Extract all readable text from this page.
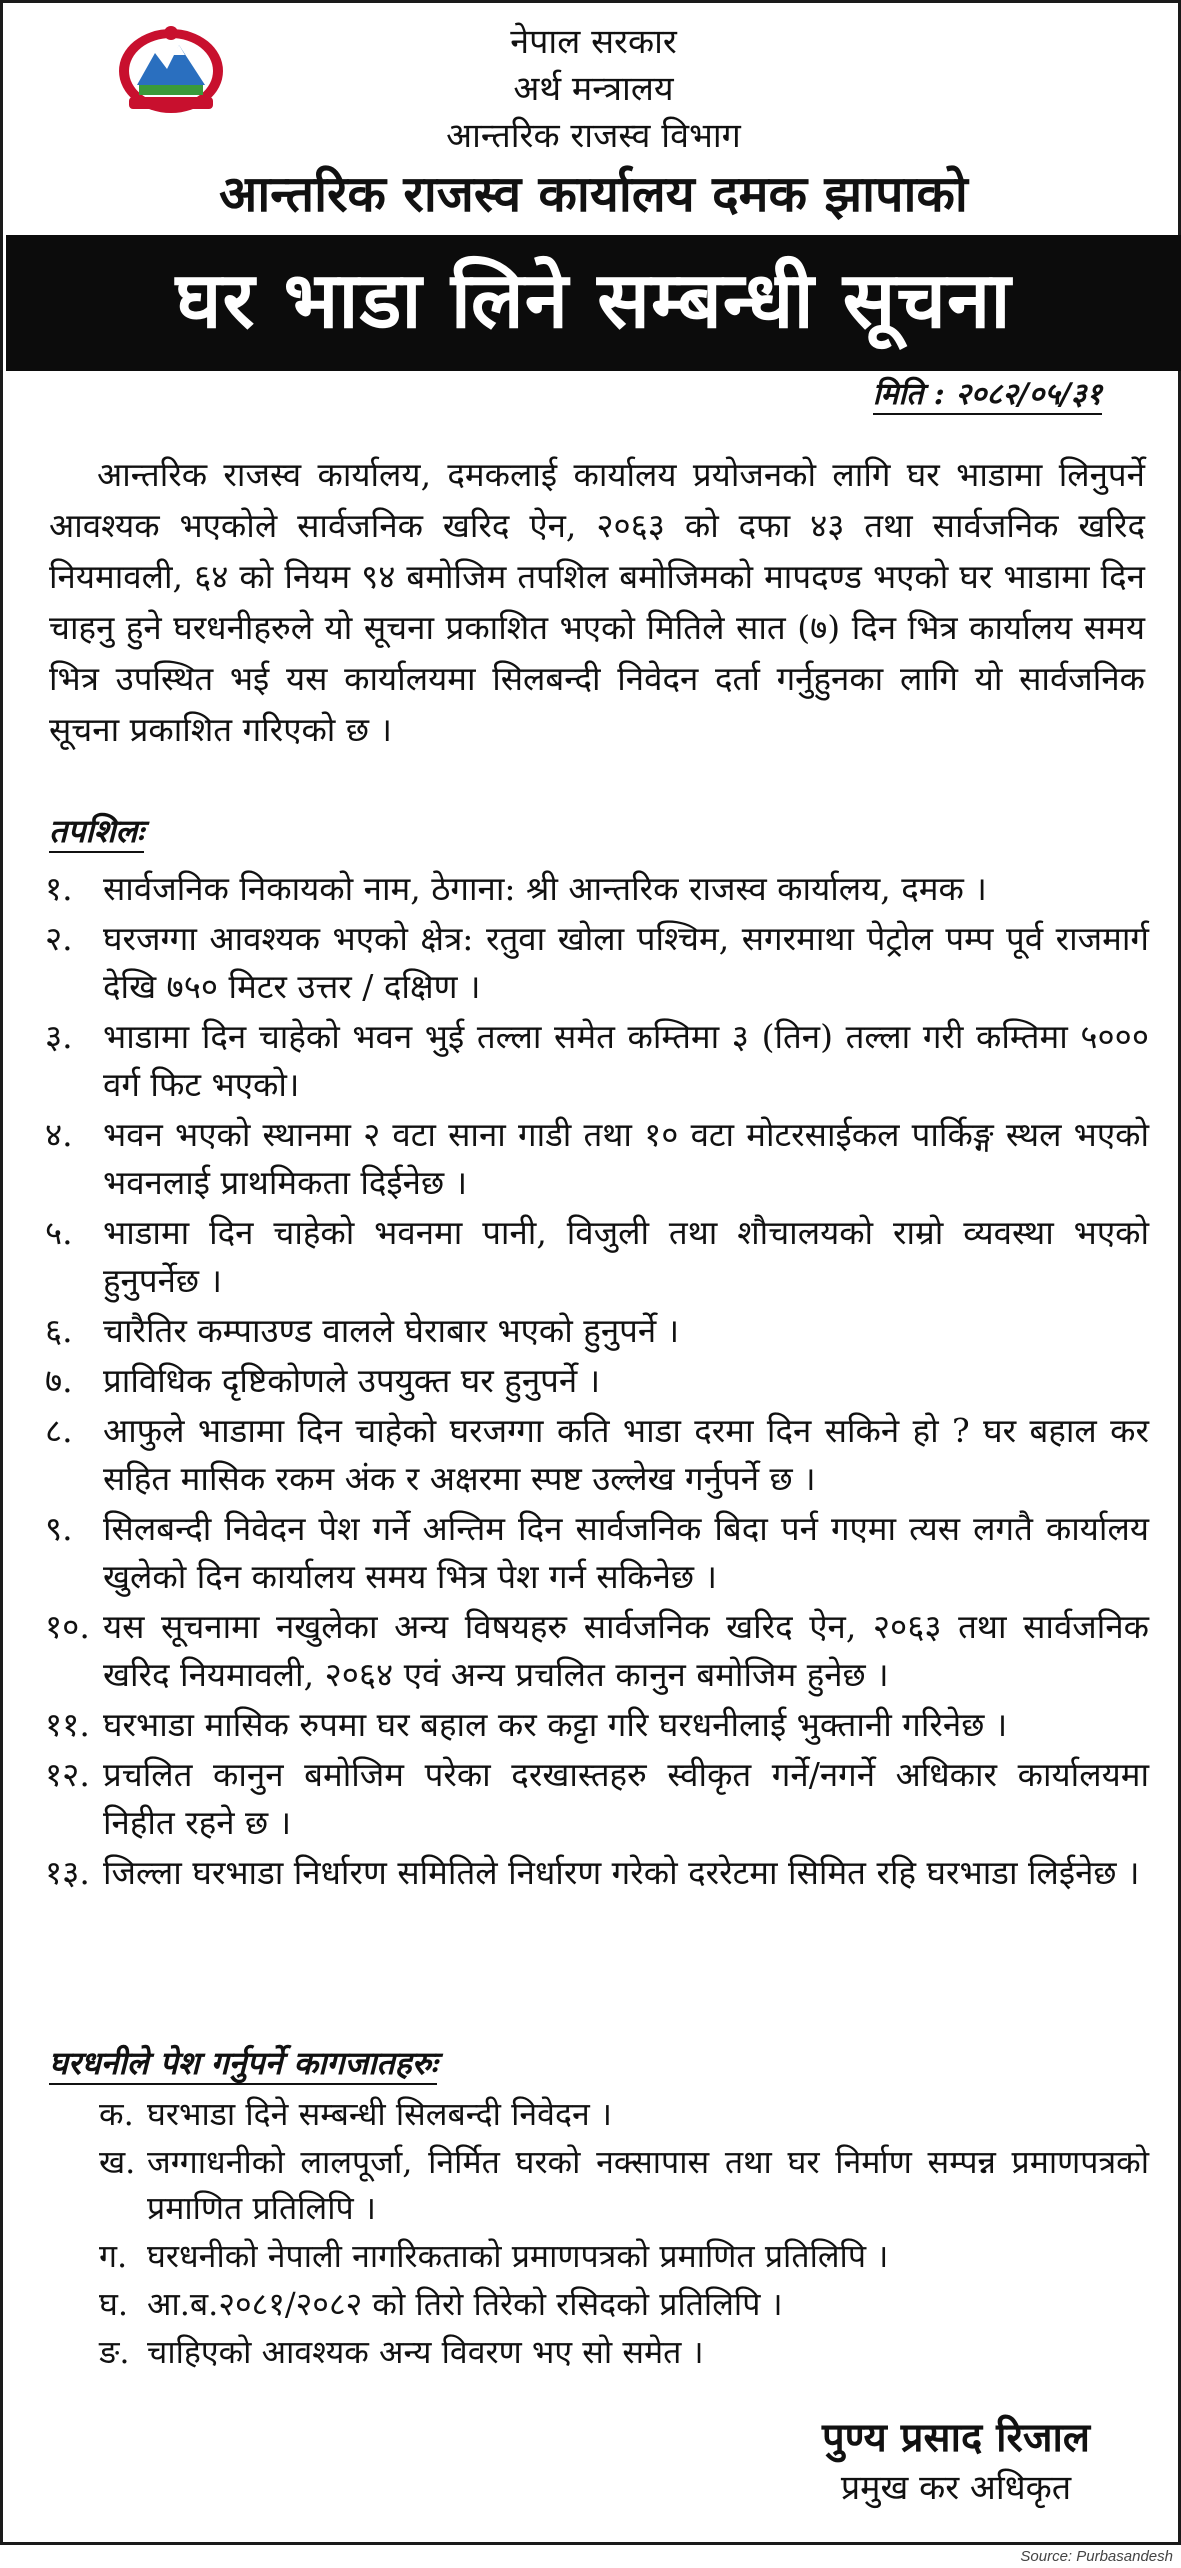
नेपाल सरकार
अर्थ मन्त्रालय
आन्तरिक राजस्व विभाग
आन्तरिक राजस्व कार्यालय दमक झापाको
घर भाडा लिने सम्बन्धी सूचना
मिति : २०८२/०५/३१

आन्तरिक राजस्व कार्यालय, दमकलाई कार्यालय प्रयोजनको लागि घर भाडामा लिनुपर्ने आवश्यक भएकोले सार्वजनिक खरिद ऐन, २०६३ को दफा ४३ तथा सार्वजनिक खरिद नियमावली, ६४ को नियम ९४ बमोजिम तपशिल बमोजिमको मापदण्ड भएको घर भाडामा दिन चाहनु हुने घरधनीहरुले यो सूचना प्रकाशित भएको मितिले सात (७) दिन भित्र कार्यालय समय भित्र उपस्थित भई यस कार्यालयमा सिलबन्दी निवेदन दर्ता गर्नुहुनका लागि यो सार्वजनिक सूचना प्रकाशित गरिएको छ ।

तपशिलः
१. सार्वजनिक निकायको नाम, ठेगाना: श्री आन्तरिक राजस्व कार्यालय, दमक ।
२. घरजग्गा आवश्यक भएको क्षेत्र: रतुवा खोला पश्चिम, सगरमाथा पेट्रोल पम्प पूर्व राजमार्ग देखि ७५० मिटर उत्तर / दक्षिण ।
३. भाडामा दिन चाहेको भवन भुई तल्ला समेत कम्तिमा ३ (तिन) तल्ला गरी कम्तिमा ५००० वर्ग फिट भएको।
४. भवन भएको स्थानमा २ वटा साना गाडी तथा १० वटा मोटरसाईकल पार्किङ्ग स्थल भएको भवनलाई प्राथमिकता दिईनेछ ।
५. भाडामा दिन चाहेको भवनमा पानी, विजुली तथा शौचालयको राम्रो व्यवस्था भएको हुनुपर्नेछ ।
६. चारैतिर कम्पाउण्ड वालले घेराबार भएको हुनुपर्ने ।
७. प्राविधिक दृष्टिकोणले उपयुक्त घर हुनुपर्ने ।
८. आफुले भाडामा दिन चाहेको घरजग्गा कति भाडा दरमा दिन सकिने हो ? घर बहाल कर सहित मासिक रकम अंक र अक्षरमा स्पष्ट उल्लेख गर्नुपर्ने छ ।
९. सिलबन्दी निवेदन पेश गर्ने अन्तिम दिन सार्वजनिक बिदा पर्न गएमा त्यस लगतै कार्यालय खुलेको दिन कार्यालय समय भित्र पेश गर्न सकिनेछ ।
१०. यस सूचनामा नखुलेका अन्य विषयहरु सार्वजनिक खरिद ऐन, २०६३ तथा सार्वजनिक खरिद नियमावली, २०६४ एवं अन्य प्रचलित कानुन बमोजिम हुनेछ ।
११. घरभाडा मासिक रुपमा घर बहाल कर कट्टा गरि घरधनीलाई भुक्तानी गरिनेछ ।
१२. प्रचलित कानुन बमोजिम परेका दरखास्तहरु स्वीकृत गर्ने/नगर्ने अधिकार कार्यालयमा निहीत रहने छ ।
१३. जिल्ला घरभाडा निर्धारण समितिले निर्धारण गरेको दररेटमा सिमित रहि घरभाडा लिईनेछ ।
घरधनीले पेश गर्नुपर्ने कागजातहरुः
क. घरभाडा दिने सम्बन्धी सिलबन्दी निवेदन ।
ख. जग्गाधनीको लालपूर्जा, निर्मित घरको नक्सापास तथा घर निर्माण सम्पन्न प्रमाणपत्रको प्रमाणित प्रतिलिपि ।
ग. घरधनीको नेपाली नागरिकताको प्रमाणपत्रको प्रमाणित प्रतिलिपि ।
घ. आ.ब.२०८१/२०८२ को तिरो तिरेको रसिदको प्रतिलिपि ।
ङ. चाहिएको आवश्यक अन्य विवरण भए सो समेत ।
पुण्य प्रसाद रिजाल
प्रमुख कर अधिकृत
Source: Purbasandesh
